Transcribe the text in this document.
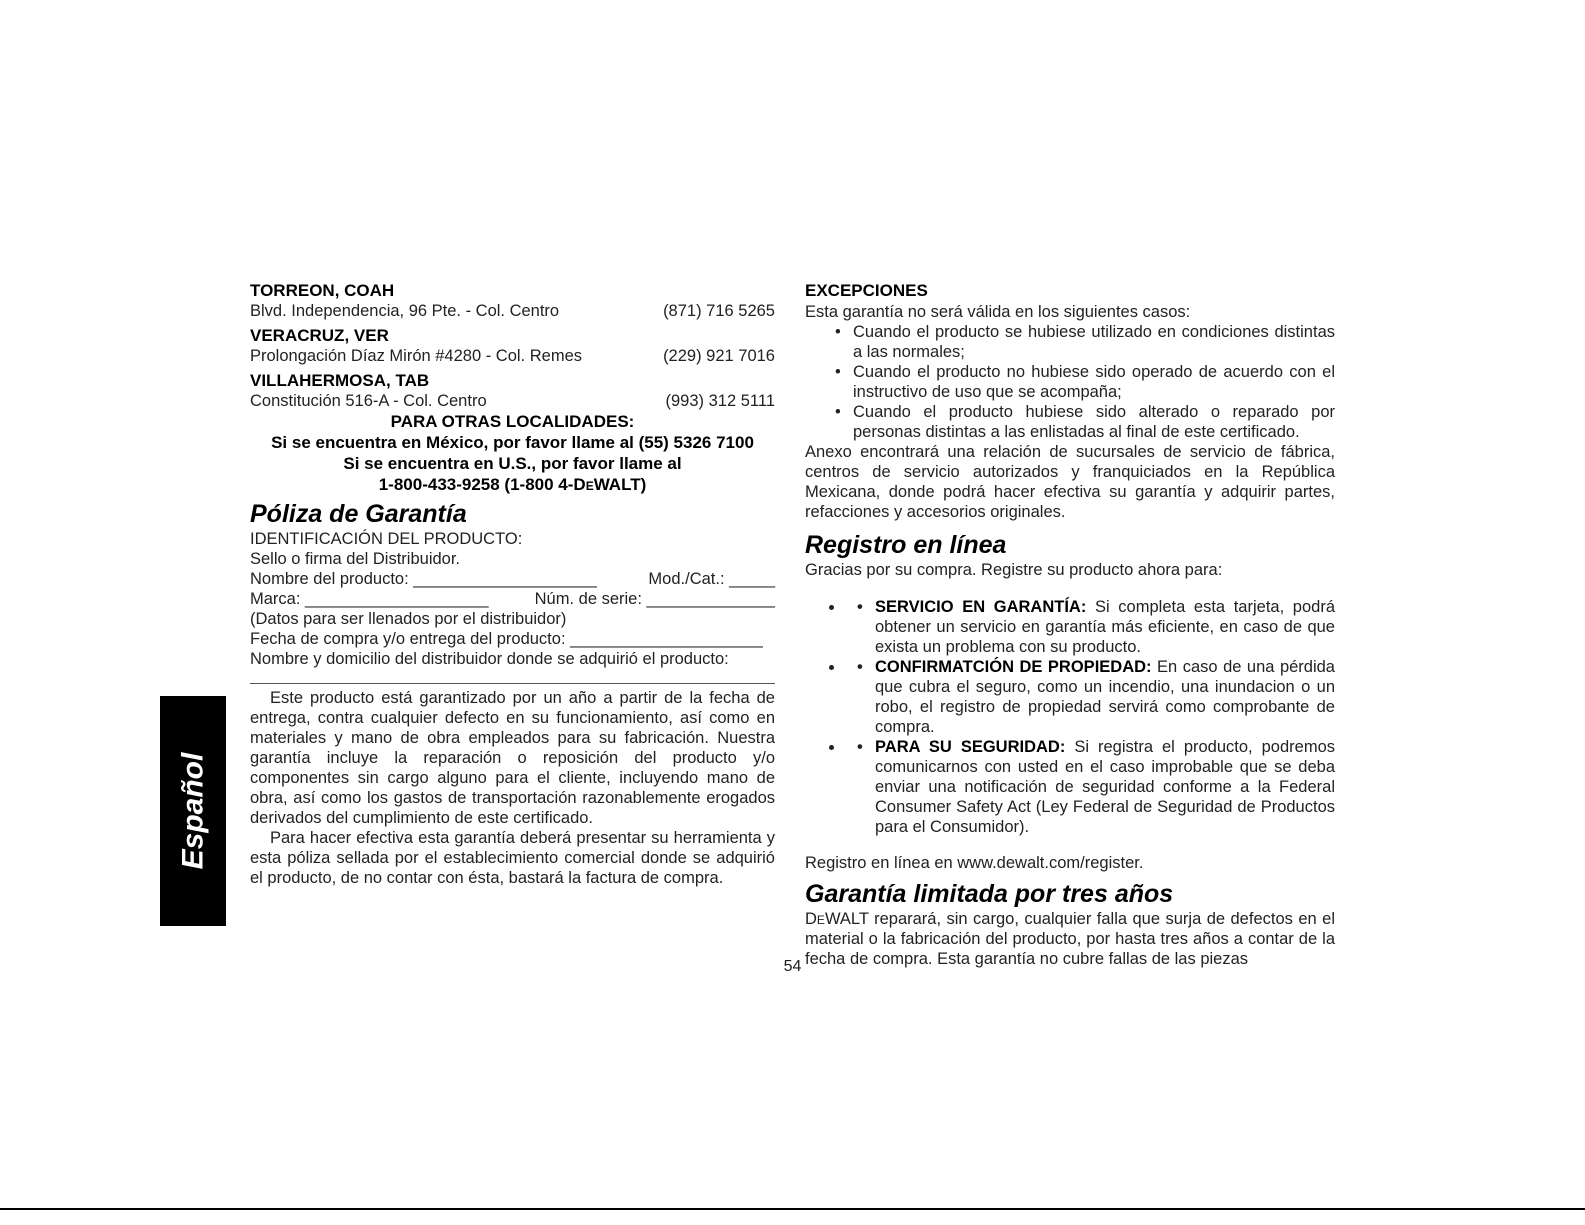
TORREON, COAH
Blvd. Independencia, 96 Pte. - Col. Centro	(871) 716 5265
VERACRUZ, VER
Prolongación Díaz Mirón #4280 - Col. Remes	(229) 921 7016
VILLAHERMOSA, TAB
Constitución 516-A - Col. Centro	(993) 312 5111
PARA OTRAS LOCALIDADES:
Si se encuentra en México, por favor llame al (55) 5326 7100
Si se encuentra en U.S., por favor llame al
1-800-433-9258 (1-800 4-DeWALT)
Póliza de Garantía
IDENTIFICACIÓN DEL PRODUCTO:
Sello o firma del Distribuidor.
Nombre del producto: ____________________	Mod./Cat.: _____
Marca: ____________________	Núm. de serie: ______________
(Datos para ser llenados por el distribuidor)
Fecha de compra y/o entrega del producto: _____________________
Nombre y domicilio del distribuidor donde se adquirió el producto:
Este producto está garantizado por un año a partir de la fecha de entrega, contra cualquier defecto en su funcionamiento, así como en materiales y mano de obra empleados para su fabricación. Nuestra garantía incluye la reparación o reposición del producto y/o componentes sin cargo alguno para el cliente, incluyendo mano de obra, así como los gastos de transportación razonablemente erogados derivados del cumplimiento de este certificado.
Para hacer efectiva esta garantía deberá presentar su herramienta y esta póliza sellada por el establecimiento comercial donde se adquirió el producto, de no contar con ésta, bastará la factura de compra.
EXCEPCIONES
Esta garantía no será válida en los siguientes casos:
• Cuando el producto se hubiese utilizado en condiciones distintas a las normales;
• Cuando el producto no hubiese sido operado de acuerdo con el instructivo de uso que se acompaña;
• Cuando el producto hubiese sido alterado o reparado por personas distintas a las enlistadas al final de este certificado.
Anexo encontrará una relación de sucursales de servicio de fábrica, centros de servicio autorizados y franquiciados en la República Mexicana, donde podrá hacer efectiva su garantía y adquirir partes, refacciones y accesorios originales.
Registro en línea
Gracias por su compra. Registre su producto ahora para:
• • SERVICIO EN GARANTÍA: Si completa esta tarjeta, podrá obtener un servicio en garantía más eficiente, en caso de que exista un problema con su producto.
• • CONFIRMATCIÓN DE PROPIEDAD: En caso de una pérdida que cubra el seguro, como un incendio, una inundacion o un robo, el registro de propiedad servirá como comprobante de compra.
• • PARA SU SEGURIDAD: Si registra el producto, podremos comunicarnos con usted en el caso improbable que se deba enviar una notificación de seguridad conforme a la Federal Consumer Safety Act (Ley Federal de Seguridad de Productos para el Consumidor).
Registro en línea en www.dewalt.com/register.
Garantía limitada por tres años
DeWALT reparará, sin cargo, cualquier falla que surja de defectos en el material o la fabricación del producto, por hasta tres años a contar de la fecha de compra. Esta garantía no cubre fallas de las piezas
Español
54
